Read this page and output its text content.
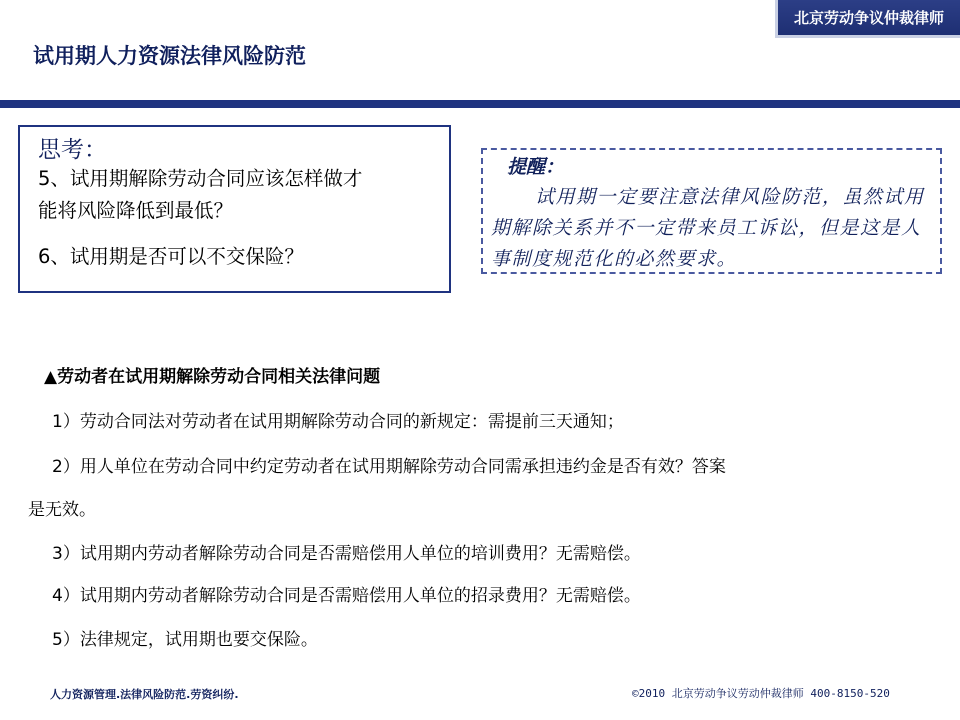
北京劳动争议仲裁律师
试用期人力资源法律风险防范
思考：
5、试用期解除劳动合同应该怎样做才
能将风险降低到最低？
6、试用期是否可以不交保险？
提醒：
试用期一定要注意法律风险防范，虽然试用期解除关系并不一定带来员工诉讼，但是这是人事制度规范化的必然要求。
▲劳动者在试用期解除劳动合同相关法律问题
1）劳动合同法对劳动者在试用期解除劳动合同的新规定：需提前三天通知；
2）用人单位在劳动合同中约定劳动者在试用期解除劳动合同需承担违约金是否有效？答案
是无效。
3）试用期内劳动者解除劳动合同是否需赔偿用人单位的培训费用？无需赔偿。
4）试用期内劳动者解除劳动合同是否需赔偿用人单位的招录费用？无需赔偿。
5）法律规定，试用期也要交保险。
人力资源管理.法律风险防范.劳资纠纷.	©2010 北京劳动争议劳动仲裁律师 400-8150-520
